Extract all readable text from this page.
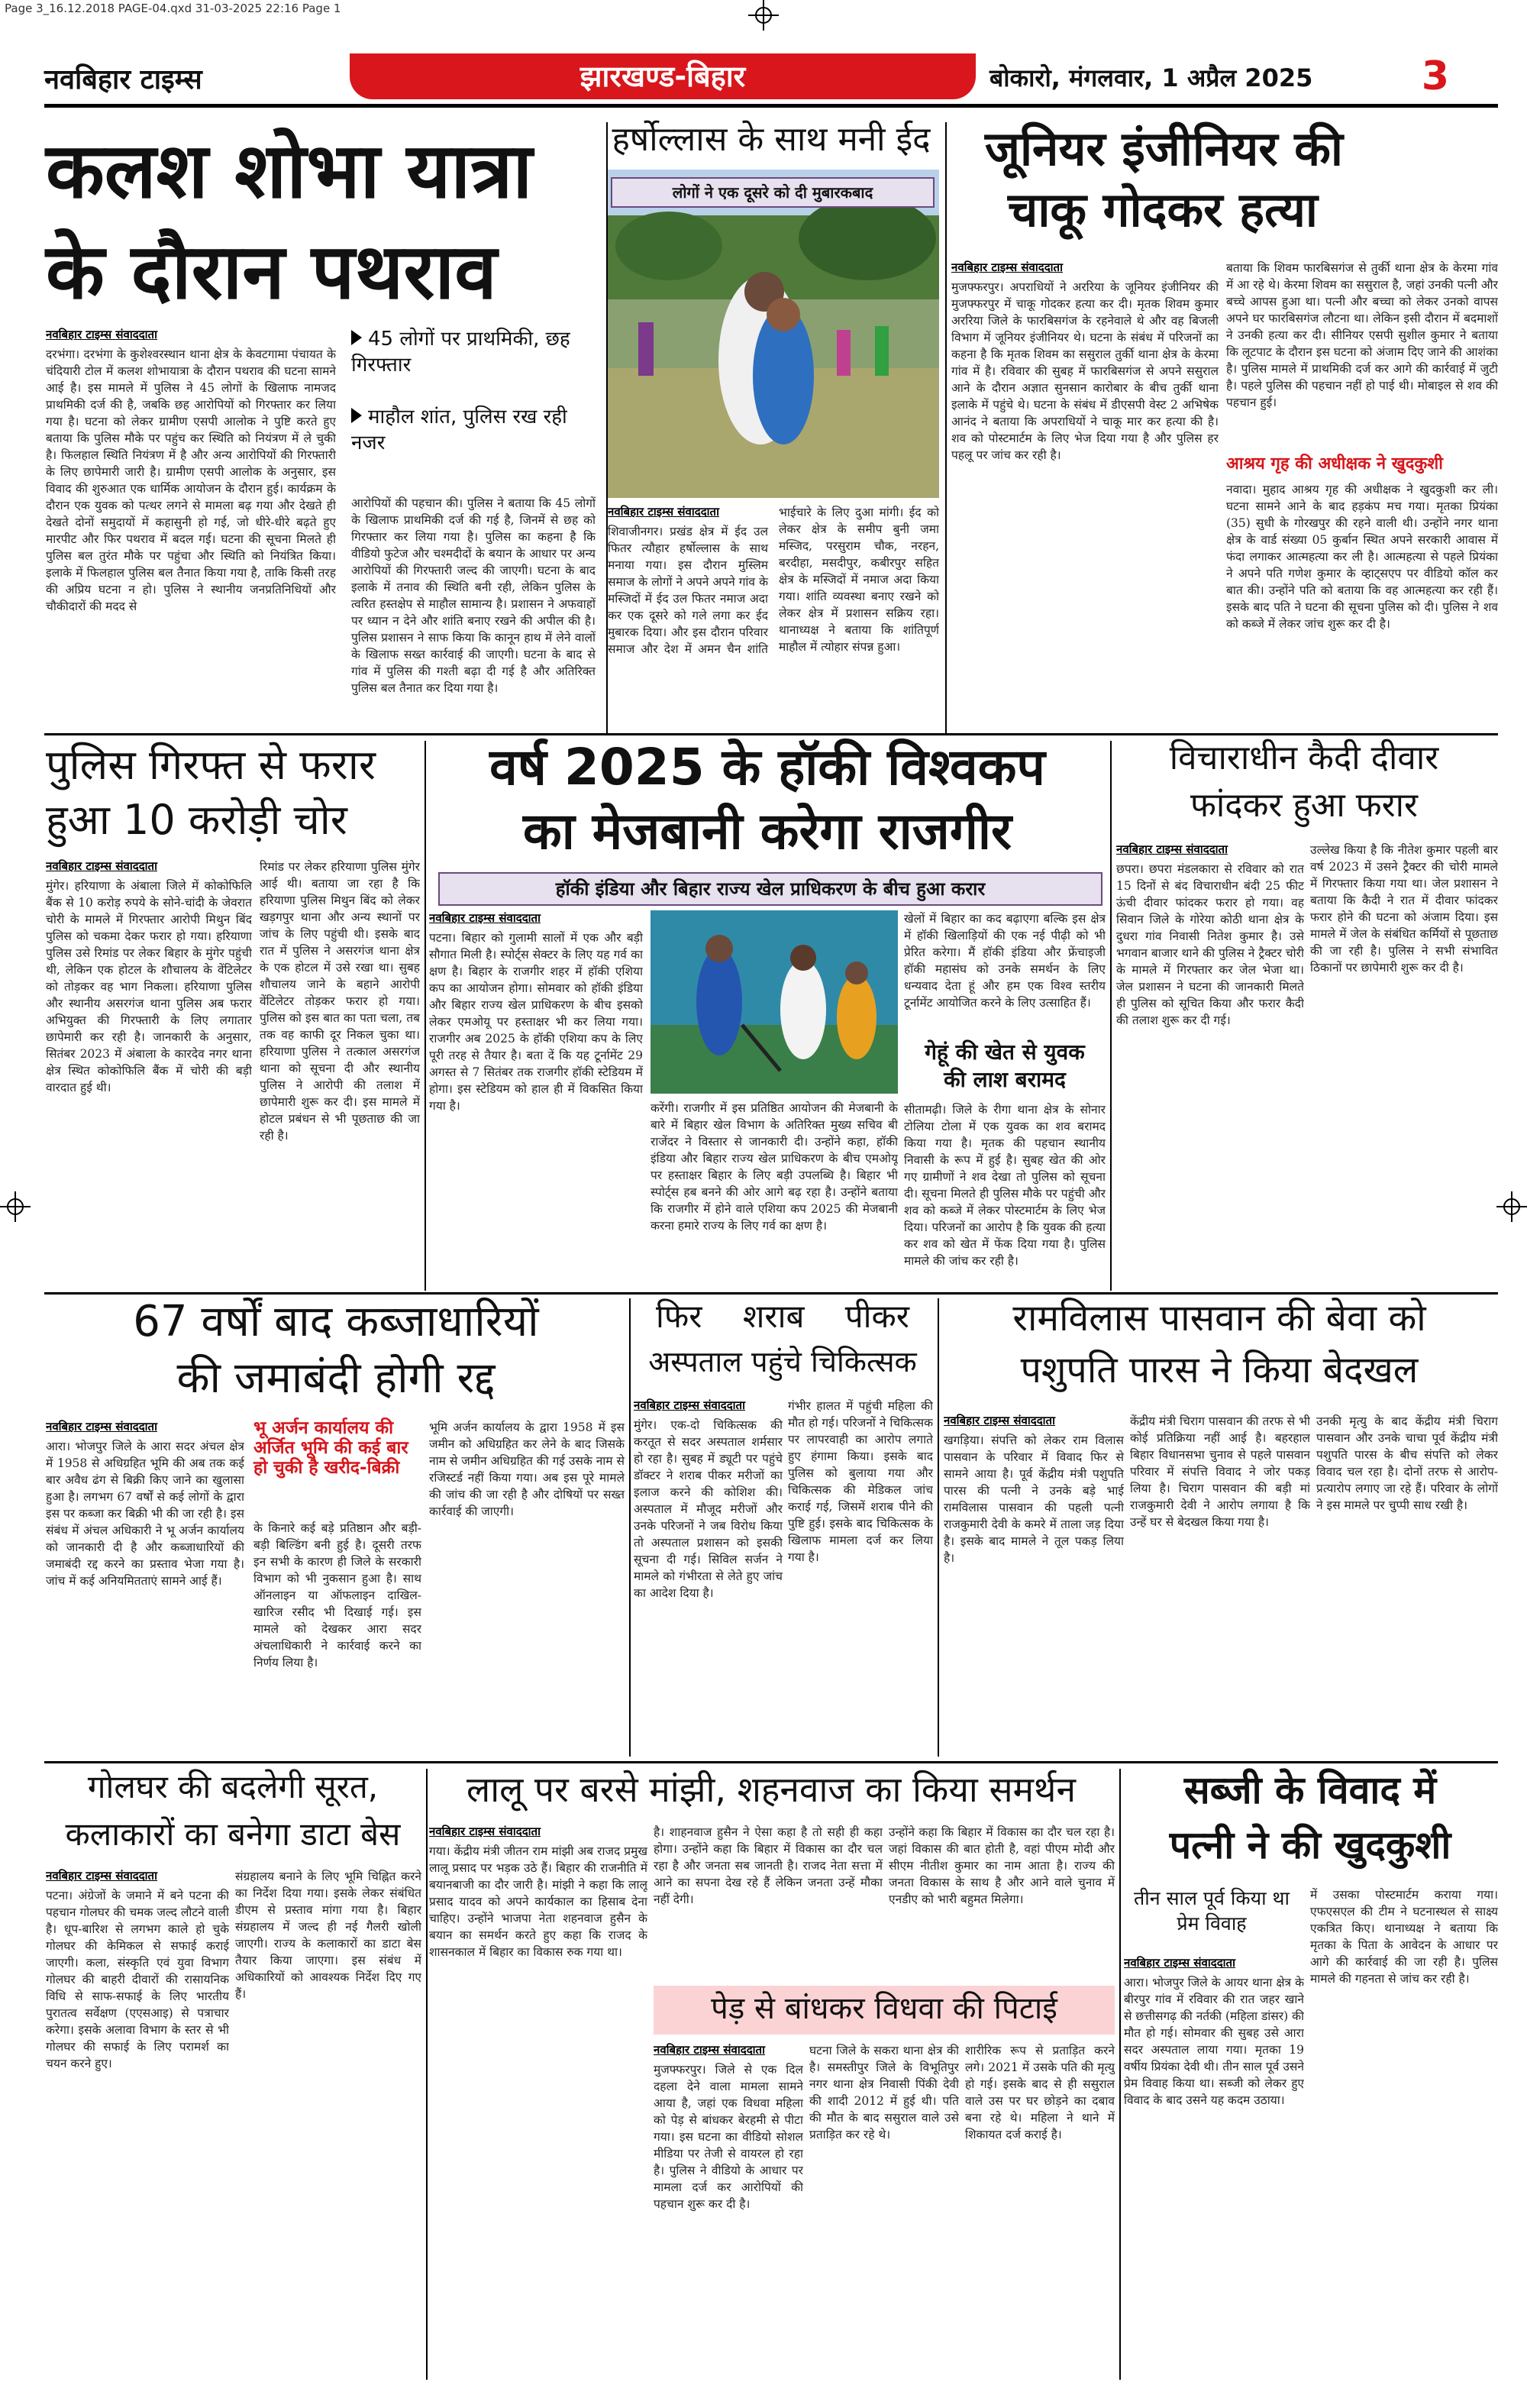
Page 3_16.12.2018 PAGE-04.qxd 31-03-2025 22:16 Page 1
नवबिहार टाइम्स	झारखण्ड-बिहार	बोकारो, मंगलवार, 1 अप्रैल 2025	3
कलश शोभा यात्रा
के दौरान पथराव
नवबिहार टाइम्स संवाददाता
दरभंगा। दरभंगा के कुशेश्वरस्थान थाना क्षेत्र के केवटगामा पंचायत के चंदियारी टोल में कलश शोभायात्रा के दौरान पथराव की घटना सामने आई है। इस मामले में पुलिस ने 45 लोगों के खिलाफ नामजद प्राथमिकी दर्ज की है, जबकि छह आरोपियों को गिरफ्तार कर लिया गया है। घटना को लेकर ग्रामीण एसपी आलोक ने पुष्टि करते हुए बताया कि पुलिस मौके पर पहुंच कर स्थिति को नियंत्रण में ले चुकी है। फिलहाल स्थिति नियंत्रण में है और अन्य आरोपियों की गिरफ्तारी के लिए छापेमारी जारी है। ग्रामीण एसपी आलोक के अनुसार, इस विवाद की शुरुआत एक धार्मिक आयोजन के दौरान हुई। कार्यक्रम के दौरान एक युवक को पत्थर लगने से मामला बढ़ गया और देखते ही देखते दोनों समुदायों में कहासुनी हो गई, जो धीरे-धीरे बढ़ते हुए मारपीट और फिर पथराव में बदल गई। घटना की सूचना मिलते ही पुलिस बल तुरंत मौके पर पहुंचा और स्थिति को नियंत्रित किया। इलाके में फिलहाल पुलिस बल तैनात किया गया है, ताकि किसी तरह की अप्रिय घटना न हो। पुलिस ने स्थानीय जनप्रतिनिधियों और चौकीदारों की मदद से
45 लोगों पर प्राथमिकी, छह गिरफ्तार
माहौल शांत, पुलिस रख रही नजर
आरोपियों की पहचान की। पुलिस ने बताया कि 45 लोगों के खिलाफ प्राथमिकी दर्ज की गई है, जिनमें से छह को गिरफ्तार कर लिया गया है। पुलिस का कहना है कि वीडियो फुटेज और चश्मदीदों के बयान के आधार पर अन्य आरोपियों की गिरफ्तारी जल्द की जाएगी। घटना के बाद इलाके में तनाव की स्थिति बनी रही, लेकिन पुलिस के त्वरित हस्तक्षेप से माहौल सामान्य है। प्रशासन ने अफवाहों पर ध्यान न देने और शांति बनाए रखने की अपील की है। पुलिस प्रशासन ने साफ किया कि कानून हाथ में लेने वालों के खिलाफ सख्त कार्रवाई की जाएगी। घटना के बाद से गांव में पुलिस की गश्ती बढ़ा दी गई है और अतिरिक्त पुलिस बल तैनात कर दिया गया है।
हर्षोल्लास के साथ मनी ईद
लोगों ने एक दूसरे को दी मुबारकबाद
नवबिहार टाइम्स संवाददाता
शिवाजीनगर। प्रखंड क्षेत्र में ईद उल फितर त्यौहार हर्षोल्लास के साथ मनाया गया। इस दौरान मुस्लिम समाज के लोगों ने अपने अपने गांव के मस्जिदों में ईद उल फितर नमाज अदा कर एक दूसरे को गले लगा कर ईद मुबारक दिया। और इस दौरान परिवार समाज और देश में अमन चैन शांति भाईचारे के लिए दुआ मांगी। ईद को लेकर क्षेत्र के समीप बुनी जमा मस्जिद, परसुराम चौक, नरहन, बरदीहा, मसदीपुर, कबीरपुर सहित क्षेत्र के मस्जिदों में नमाज अदा किया गया। शांति व्यवस्था बनाए रखने को लेकर क्षेत्र में प्रशासन सक्रिय रहा। थानाध्यक्ष ने बताया कि शांतिपूर्ण माहौल में त्योहार संपन्न हुआ।
जूनियर इंजीनियर की
चाकू गोदकर हत्या
नवबिहार टाइम्स संवाददाता
मुजफ्फरपुर। अपराधियों ने अररिया के जूनियर इंजीनियर की मुजफ्फरपुर में चाकू गोदकर हत्या कर दी। मृतक शिवम कुमार अररिया जिले के फारबिसगंज के रहनेवाले थे और वह बिजली विभाग में जूनियर इंजीनियर थे। घटना के संबंध में परिजनों का कहना है कि मृतक शिवम का ससुराल तुर्की थाना क्षेत्र के केरमा गांव में है। रविवार की सुबह में फारबिसगंज से अपने ससुराल आने के दौरान अज्ञात सुनसान कारोबार के बीच तुर्की थाना इलाके में पहुंचे थे। घटना के संबंध में डीएसपी वेस्ट 2 अभिषेक आनंद ने बताया कि अपराधियों ने चाकू मार कर हत्या की है। शव को पोस्टमार्टम के लिए भेज दिया गया है और पुलिस हर पहलू पर जांच कर रही है।
बताया कि शिवम फारबिसगंज से तुर्की थाना क्षेत्र के केरमा गांव में आ रहे थे। केरमा शिवम का ससुराल है, जहां उनकी पत्नी और बच्चे आपस हुआ था। पत्नी और बच्चा को लेकर उनको वापस अपने घर फारबिसगंज लौटना था। लेकिन इसी दौरान में बदमाशों ने उनकी हत्या कर दी। सीनियर एसपी सुशील कुमार ने बताया कि लूटपाट के दौरान इस घटना को अंजाम दिए जाने की आशंका है। पुलिस मामले में प्राथमिकी दर्ज कर आगे की कार्रवाई में जुटी है। पहले पुलिस की पहचान नहीं हो पाई थी। मोबाइल से शव की पहचान हुई।
आश्रय गृह की अधीक्षक ने खुदकुशी
नवादा। मुहाद आश्रय गृह की अधीक्षक ने खुदकुशी कर ली। घटना सामने आने के बाद हड़कंप मच गया। मृतका प्रियंका (35) सुधी के गोरखपुर की रहने वाली थी। उन्होंने नगर थाना क्षेत्र के वार्ड संख्या 05 कुर्बान स्थित अपने सरकारी आवास में फंदा लगाकर आत्महत्या कर ली है। आत्महत्या से पहले प्रियंका ने अपने पति गणेश कुमार के व्हाट्सएप पर वीडियो कॉल कर बात की। उन्होंने पति को बताया कि वह आत्महत्या कर रही हैं। इसके बाद पति ने घटना की सूचना पुलिस को दी। पुलिस ने शव को कब्जे में लेकर जांच शुरू कर दी है।
पुलिस गिरफ्त से फरार
हुआ 10 करोड़ी चोर
नवबिहार टाइम्स संवाददाता
मुंगेर। हरियाणा के अंबाला जिले में कोकोफिलि बैंक से 10 करोड़ रुपये के सोने-चांदी के जेवरात चोरी के मामले में गिरफ्तार आरोपी मिथुन बिंद पुलिस को चकमा देकर फरार हो गया। हरियाणा पुलिस उसे रिमांड पर लेकर बिहार के मुंगेर पहुंची थी, लेकिन एक होटल के शौचालय के वेंटिलेटर को तोड़कर वह भाग निकला। हरियाणा पुलिस और स्थानीय असरगंज थाना पुलिस अब फरार अभियुक्त की गिरफ्तारी के लिए लगातार छापेमारी कर रही है। जानकारी के अनुसार, सितंबर 2023 में अंबाला के कारदेव नगर थाना क्षेत्र स्थित कोकोफिलि बैंक में चोरी की बड़ी वारदात हुई थी।
रिमांड पर लेकर हरियाणा पुलिस मुंगेर आई थी। बताया जा रहा है कि हरियाणा पुलिस मिथुन बिंद को लेकर खड़गपुर थाना और अन्य स्थानों पर जांच के लिए पहुंची थी। इसके बाद रात में पुलिस ने असरगंज थाना क्षेत्र के एक होटल में उसे रखा था। सुबह शौचालय जाने के बहाने आरोपी वेंटिलेटर तोड़कर फरार हो गया। पुलिस को इस बात का पता चला, तब तक वह काफी दूर निकल चुका था। हरियाणा पुलिस ने तत्काल असरगंज थाना को सूचना दी और स्थानीय पुलिस ने आरोपी की तलाश में छापेमारी शुरू कर दी। इस मामले में होटल प्रबंधन से भी पूछताछ की जा रही है।
वर्ष 2025 के हॉकी विश्वकप
का मेजबानी करेगा राजगीर
हॉकी इंडिया और बिहार राज्य खेल प्राधिकरण के बीच हुआ करार
नवबिहार टाइम्स संवाददाता
पटना। बिहार को गुलामी सालों में एक और बड़ी सौगात मिली है। स्पोर्ट्स सेक्टर के लिए यह गर्व का क्षण है। बिहार के राजगीर शहर में हॉकी एशिया कप का आयोजन होगा। सोमवार को हॉकी इंडिया और बिहार राज्य खेल प्राधिकरण के बीच इसको लेकर एमओयू पर हस्ताक्षर भी कर लिया गया। राजगीर अब 2025 के हॉकी एशिया कप के लिए पूरी तरह से तैयार है। बता दें कि यह टूर्नामेंट 29 अगस्त से 7 सितंबर तक राजगीर हॉकी स्टेडियम में होगा। इस स्टेडियम को हाल ही में विकसित किया गया है।	करेंगी। राजगीर में इस प्रतिष्ठित आयोजन की मेजबानी के बारे में बिहार खेल विभाग के अतिरिक्त मुख्य सचिव बी राजेंदर ने विस्तार से जानकारी दी। उन्होंने कहा, हॉकी इंडिया और बिहार राज्य खेल प्राधिकरण के बीच एमओयू पर हस्ताक्षर बिहार के लिए बड़ी उपलब्धि है। बिहार भी स्पोर्ट्स हब बनने की ओर आगे बढ़ रहा है। उन्होंने बताया कि राजगीर में होने वाले एशिया कप 2025 की मेजबानी करना हमारे राज्य के लिए गर्व का क्षण है।
खेलों में बिहार का कद बढ़ाएगा बल्कि इस क्षेत्र में हॉकी खिलाड़ियों की एक नई पीढ़ी को भी प्रेरित करेगा। मैं हॉकी इंडिया और फ्रेंचाइजी हॉकी महासंघ को उनके समर्थन के लिए धन्यवाद देता हूं और हम एक विश्व स्तरीय टूर्नामेंट आयोजित करने के लिए उत्साहित हैं।
गेहूं की खेत से युवक
की लाश बरामद
सीतामढ़ी। जिले के रीगा थाना क्षेत्र के सोनार टोलिया टोला में एक युवक का शव बरामद किया गया है। मृतक की पहचान स्थानीय निवासी के रूप में हुई है। सुबह खेत की ओर गए ग्रामीणों ने शव देखा तो पुलिस को सूचना दी। सूचना मिलते ही पुलिस मौके पर पहुंची और शव को कब्जे में लेकर पोस्टमार्टम के लिए भेज दिया। परिजनों का आरोप है कि युवक की हत्या कर शव को खेत में फेंक दिया गया है। पुलिस मामले की जांच कर रही है।
विचाराधीन कैदी दीवार
फांदकर हुआ फरार
नवबिहार टाइम्स संवाददाता
छपरा। छपरा मंडलकारा से रविवार को रात 15 दिनों से बंद विचाराधीन बंदी 25 फीट ऊंची दीवार फांदकर फरार हो गया। वह सिवान जिले के गोरेया कोठी थाना क्षेत्र के दुधरा गांव निवासी नितेश कुमार है। उसे भगवान बाजार थाने की पुलिस ने ट्रैक्टर चोरी के मामले में गिरफ्तार कर जेल भेजा था। जेल प्रशासन ने घटना की जानकारी मिलते ही पुलिस को सूचित किया और फरार कैदी की तलाश शुरू कर दी गई।
उल्लेख किया है कि नीतेश कुमार पहली बार वर्ष 2023 में उसने ट्रैक्टर की चोरी मामले में गिरफ्तार किया गया था। जेल प्रशासन ने बताया कि कैदी ने रात में दीवार फांदकर फरार होने की घटना को अंजाम दिया। इस मामले में जेल के संबंधित कर्मियों से पूछताछ की जा रही है। पुलिस ने सभी संभावित ठिकानों पर छापेमारी शुरू कर दी है।
67 वर्षों बाद कब्जाधारियों
की जमाबंदी होगी रद्द
नवबिहार टाइम्स संवाददाता
आरा। भोजपुर जिले के आरा सदर अंचल क्षेत्र में 1958 से अधिग्रहित भूमि की अब तक कई बार अवैध ढंग से बिक्री किए जाने का खुलासा हुआ है। लगभग 67 वर्षों से कई लोगों के द्वारा इस पर कब्जा कर बिक्री भी की जा रही है। इस संबंध में अंचल अधिकारी ने भू अर्जन कार्यालय को जानकारी दी है और कब्जाधारियों की जमाबंदी रद्द करने का प्रस्ताव भेजा गया है। जांच में कई अनियमितताएं सामने आई हैं।
भू अर्जन कार्यालय की अर्जित भूमि की कई बार हो चुकी है खरीद-बिक्री
के किनारे कई बड़े प्रतिष्ठान और बड़ी-बड़ी बिल्डिंग बनी हुई है। दूसरी तरफ इन सभी के कारण ही जिले के सरकारी विभाग को भी नुकसान हुआ है। साथ ऑनलाइन या ऑफलाइन दाखिल-खारिज रसीद भी दिखाई गई। इस मामले को देखकर आरा सदर अंचलाधिकारी ने कार्रवाई करने का निर्णय लिया है।
भूमि अर्जन कार्यालय के द्वारा 1958 में इस जमीन को अधिग्रहित कर लेने के बाद जिसके नाम से जमीन अधिग्रहित की गई उसके नाम से रजिस्टर्ड नहीं किया गया। अब इस पूरे मामले की जांच की जा रही है और दोषियों पर सख्त कार्रवाई की जाएगी।
फिर शराब पीकर
अस्पताल पहुंचे चिकित्सक
नवबिहार टाइम्स संवाददाता
मुंगेर। एक-दो चिकित्सक की करतूत से सदर अस्पताल शर्मसार हो रहा है। सुबह में ड्यूटी पर पहुंचे डॉक्टर ने शराब पीकर मरीजों का इलाज करने की कोशिश की। अस्पताल में मौजूद मरीजों और उनके परिजनों ने जब विरोध किया तो अस्पताल प्रशासन को इसकी सूचना दी गई। सिविल सर्जन ने मामले को गंभीरता से लेते हुए जांच का आदेश दिया है।
गंभीर हालत में पहुंची महिला की मौत हो गई। परिजनों ने चिकित्सक पर लापरवाही का आरोप लगाते हुए हंगामा किया। इसके बाद पुलिस को बुलाया गया और चिकित्सक की मेडिकल जांच कराई गई, जिसमें शराब पीने की पुष्टि हुई। इसके बाद चिकित्सक के खिलाफ मामला दर्ज कर लिया गया है।
रामविलास पासवान की बेवा को
पशुपति पारस ने किया बेदखल
नवबिहार टाइम्स संवाददाता
खगड़िया। संपत्ति को लेकर राम विलास पासवान के परिवार में विवाद फिर से सामने आया है। पूर्व केंद्रीय मंत्री पशुपति पारस की पत्नी ने उनके बड़े भाई रामविलास पासवान की पहली पत्नी राजकुमारी देवी के कमरे में ताला जड़ दिया है। इसके बाद मामले ने तूल पकड़ लिया है।
केंद्रीय मंत्री चिराग पासवान की तरफ से भी कोई प्रतिक्रिया नहीं आई है। बहरहाल बिहार विधानसभा चुनाव से पहले पासवान परिवार में संपत्ति विवाद ने जोर पकड़ लिया है। चिराग पासवान की बड़ी मां राजकुमारी देवी ने आरोप लगाया है कि उन्हें घर से बेदखल किया गया है।
उनकी मृत्यु के बाद केंद्रीय मंत्री चिराग पासवान और उनके चाचा पूर्व केंद्रीय मंत्री पशुपति पारस के बीच संपत्ति को लेकर विवाद चल रहा है। दोनों तरफ से आरोप-प्रत्यारोप लगाए जा रहे हैं। परिवार के लोगों ने इस मामले पर चुप्पी साध रखी है।
गोलघर की बदलेगी सूरत,
कलाकारों का बनेगा डाटा बेस
नवबिहार टाइम्स संवाददाता
पटना। अंग्रेजों के जमाने में बने पटना की पहचान गोलघर की चमक जल्द लौटने वाली है। धूप-बारिश से लगभग काले हो चुके गोलघर की केमिकल से सफाई कराई जाएगी। कला, संस्कृति एवं युवा विभाग गोलघर की बाहरी दीवारों की रासायनिक विधि से साफ-सफाई के लिए भारतीय पुरातत्व सर्वेक्षण (एएसआइ) से पत्राचार करेगा। इसके अलावा विभाग के स्तर से भी गोलघर की सफाई के लिए परामर्श का चयन करने हुए।
संग्रहालय बनाने के लिए भूमि चिह्नित करने का निर्देश दिया गया। इसके लेकर संबंधित डीएम से प्रस्ताव मांगा गया है। बिहार संग्रहालय में जल्द ही नई गैलरी खोली जाएगी। राज्य के कलाकारों का डाटा बेस तैयार किया जाएगा। इस संबंध में अधिकारियों को आवश्यक निर्देश दिए गए हैं।
लालू पर बरसे मांझी, शहनवाज का किया समर्थन
नवबिहार टाइम्स संवाददाता
गया। केंद्रीय मंत्री जीतन राम मांझी अब राजद प्रमुख लालू प्रसाद पर भड़क उठे हैं। बिहार की राजनीति में बयानबाजी का दौर जारी है। मांझी ने कहा कि लालू प्रसाद यादव को अपने कार्यकाल का हिसाब देना चाहिए। उन्होंने भाजपा नेता शहनवाज हुसैन के बयान का समर्थन करते हुए कहा कि राजद के शासनकाल में बिहार का विकास रुक गया था।
है। शाहनवाज हुसैन ने ऐसा कहा है तो सही ही कहा होगा। उन्होंने कहा कि बिहार में विकास का दौर चल रहा है और जनता सब जानती है। राजद नेता सत्ता में आने का सपना देख रहे हैं लेकिन जनता उन्हें मौका नहीं देगी।
उन्होंने कहा कि बिहार में विकास का दौर चल रहा है। जहां विकास की बात होती है, वहां पीएम मोदी और सीएम नीतीश कुमार का नाम आता है। राज्य की जनता विकास के साथ है और आने वाले चुनाव में एनडीए को भारी बहुमत मिलेगा।
पेड़ से बांधकर विधवा की पिटाई
नवबिहार टाइम्स संवाददाता
मुजफ्फरपुर। जिले से एक दिल दहला देने वाला मामला सामने आया है, जहां एक विधवा महिला को पेड़ से बांधकर बेरहमी से पीटा गया। इस घटना का वीडियो सोशल मीडिया पर तेजी से वायरल हो रहा है। पुलिस ने वीडियो के आधार पर मामला दर्ज कर आरोपियों की पहचान शुरू कर दी है।
घटना जिले के सकरा थाना क्षेत्र की है। समस्तीपुर जिले के विभूतिपुर नगर थाना क्षेत्र निवासी पिंकी देवी की शादी 2012 में हुई थी। पति की मौत के बाद ससुराल वाले उसे प्रताड़ित कर रहे थे।
शारीरिक रूप से प्रताड़ित करने लगे। 2021 में उसके पति की मृत्यु हो गई। इसके बाद से ही ससुराल वाले उस पर घर छोड़ने का दबाव बना रहे थे। महिला ने थाने में शिकायत दर्ज कराई है।
सब्जी के विवाद में
पत्नी ने की खुदकुशी
तीन साल पूर्व किया था प्रेम विवाह
नवबिहार टाइम्स संवाददाता
आरा। भोजपुर जिले के आयर थाना क्षेत्र के बीरपुर गांव में रविवार की रात जहर खाने से छत्तीसगढ़ की नर्तकी (महिला डांसर) की मौत हो गई। सोमवार की सुबह उसे आरा सदर अस्पताल लाया गया। मृतका 19 वर्षीय प्रियंका देवी थी। तीन साल पूर्व उसने प्रेम विवाह किया था। सब्जी को लेकर हुए विवाद के बाद उसने यह कदम उठाया।
में उसका पोस्टमार्टम कराया गया। एफएसएल की टीम ने घटनास्थल से साक्ष्य एकत्रित किए। थानाध्यक्ष ने बताया कि मृतका के पिता के आवेदन के आधार पर आगे की कार्रवाई की जा रही है। पुलिस मामले की गहनता से जांच कर रही है।
